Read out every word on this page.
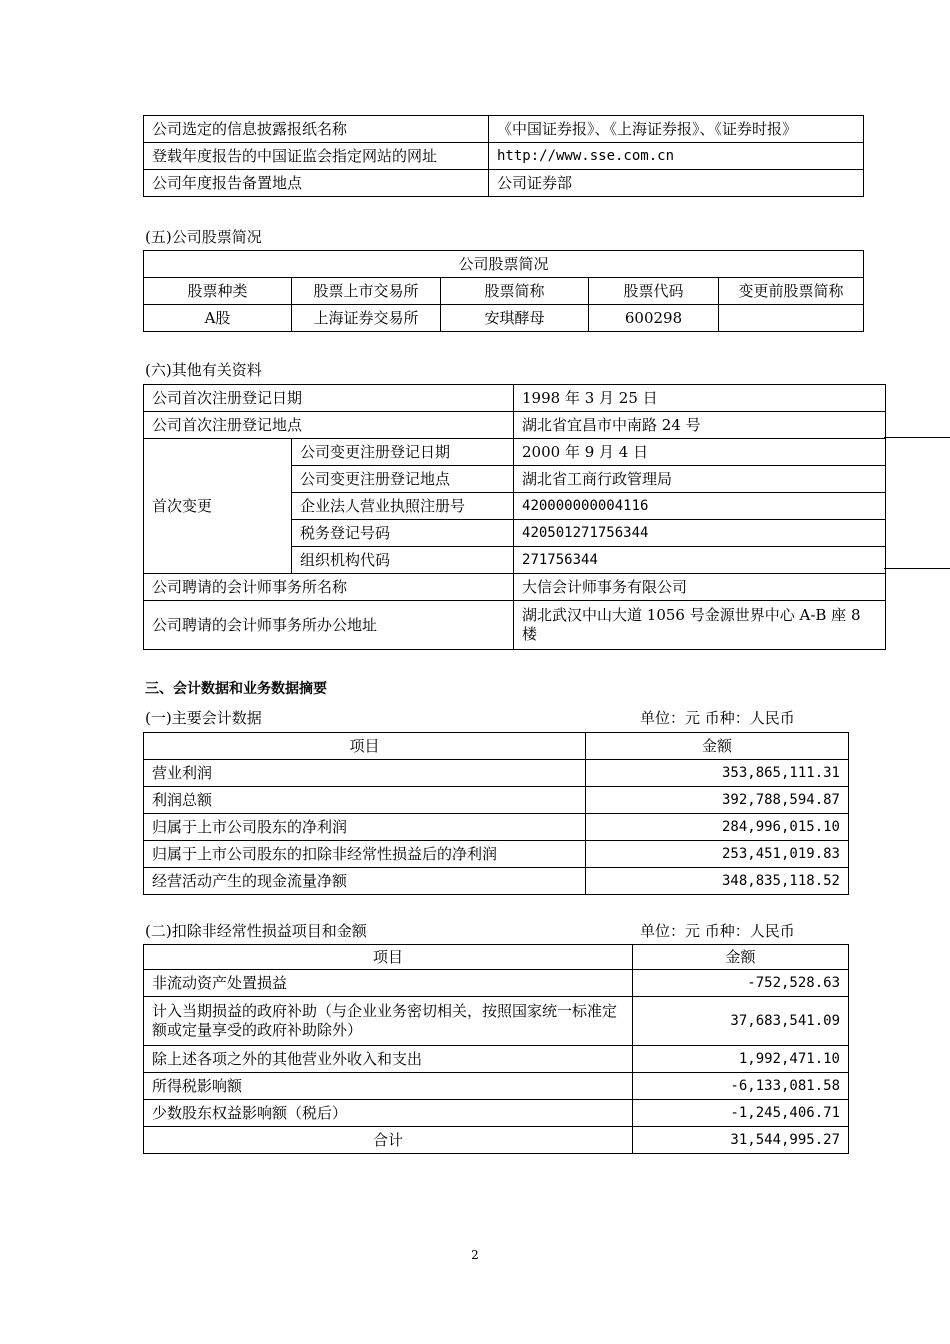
公司选定的信息披露报纸名称	《中国证券报》、《上海证券报》、《证券时报》
登载年度报告的中国证监会指定网站的网址	http://www.sse.com.cn
公司年度报告备置地点	公司证券部
(五)公司股票简况
公司股票简况				
股票种类	股票上市交易所	股票简称	股票代码	变更前股票简称
A股	上海证券交易所	安琪酵母	600298	
(六)其他有关资料
公司首次注册登记日期		1998 年 3 月 25 日
公司首次注册登记地点		湖北省宜昌市中南路 24 号
首次变更	公司变更注册登记日期	2000 年 9 月 4 日
	公司变更注册登记地点	湖北省工商行政管理局
	企业法人营业执照注册号	420000000004116
	税务登记号码	420501271756344
	组织机构代码	271756344
公司聘请的会计师事务所名称		大信会计师事务有限公司
公司聘请的会计师事务所办公地址		湖北武汉中山大道 1056 号金源世界中心 A-B 座 8 楼
三、会计数据和业务数据摘要
(一)主要会计数据	单位：元 币种：人民币
项目	金额
营业利润	353,865,111.31
利润总额	392,788,594.87
归属于上市公司股东的净利润	284,996,015.10
归属于上市公司股东的扣除非经常性损益后的净利润	253,451,019.83
经营活动产生的现金流量净额	348,835,118.52
(二)扣除非经常性损益项目和金额	单位：元 币种：人民币
项目	金额
非流动资产处置损益	-752,528.63
计入当期损益的政府补助（与企业业务密切相关，按照国家统一标准定额或定量享受的政府补助除外）	37,683,541.09
除上述各项之外的其他营业外收入和支出	1,992,471.10
所得税影响额	-6,133,081.58
少数股东权益影响额（税后）	-1,245,406.71
合计	31,544,995.27
2
